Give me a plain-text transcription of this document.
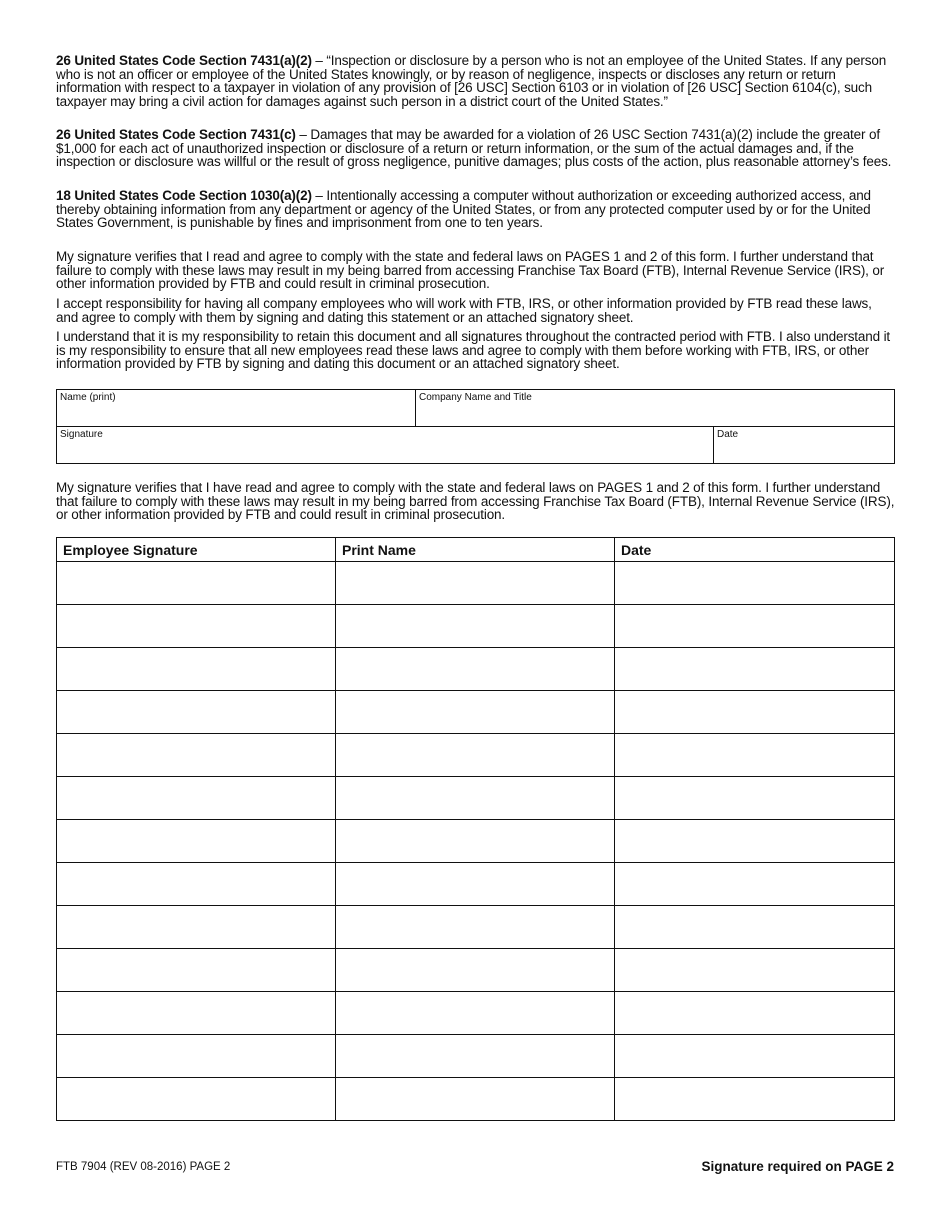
26 United States Code Section 7431(a)(2) – “Inspection or disclosure by a person who is not an employee of the United States. If any person who is not an officer or employee of the United States knowingly, or by reason of negligence, inspects or discloses any return or return information with respect to a taxpayer in violation of any provision of [26 USC] Section 6103 or in violation of [26 USC] Section 6104(c), such taxpayer may bring a civil action for damages against such person in a district court of the United States.”

26 United States Code Section 7431(c) – Damages that may be awarded for a violation of 26 USC Section 7431(a)(2) include the greater of $1,000 for each act of unauthorized inspection or disclosure of a return or return information, or the sum of the actual damages and, if the inspection or disclosure was willful or the result of gross negligence, punitive damages; plus costs of the action, plus reasonable attorney’s fees.

18 United States Code Section 1030(a)(2) – Intentionally accessing a computer without authorization or exceeding authorized access, and thereby obtaining information from any department or agency of the United States, or from any protected computer used by or for the United States Government, is punishable by fines and imprisonment from one to ten years.

My signature verifies that I read and agree to comply with the state and federal laws on PAGES 1 and 2 of this form. I further understand that failure to comply with these laws may result in my being barred from accessing Franchise Tax Board (FTB), Internal Revenue Service (IRS), or other information provided by FTB and could result in criminal prosecution.

I accept responsibility for having all company employees who will work with FTB, IRS, or other information provided by FTB read these laws, and agree to comply with them by signing and dating this statement or an attached signatory sheet.

I understand that it is my responsibility to retain this document and all signatures throughout the contracted period with FTB. I also understand it is my responsibility to ensure that all new employees read these laws and agree to comply with them before working with FTB, IRS, or other information provided by FTB by signing and dating this document or an attached signatory sheet.

Name (print)	Company Name and Title	

Signature		Date

My signature verifies that I have read and agree to comply with the state and federal laws on PAGES 1 and 2 of this form. I further understand that failure to comply with these laws may result in my being barred from accessing Franchise Tax Board (FTB), Internal Revenue Service (IRS), or other information provided by FTB and could result in criminal prosecution.

Employee Signature	Print Name	Date

FTB 7904 (REV 08-2016) PAGE 2	Signature required on PAGE 2
